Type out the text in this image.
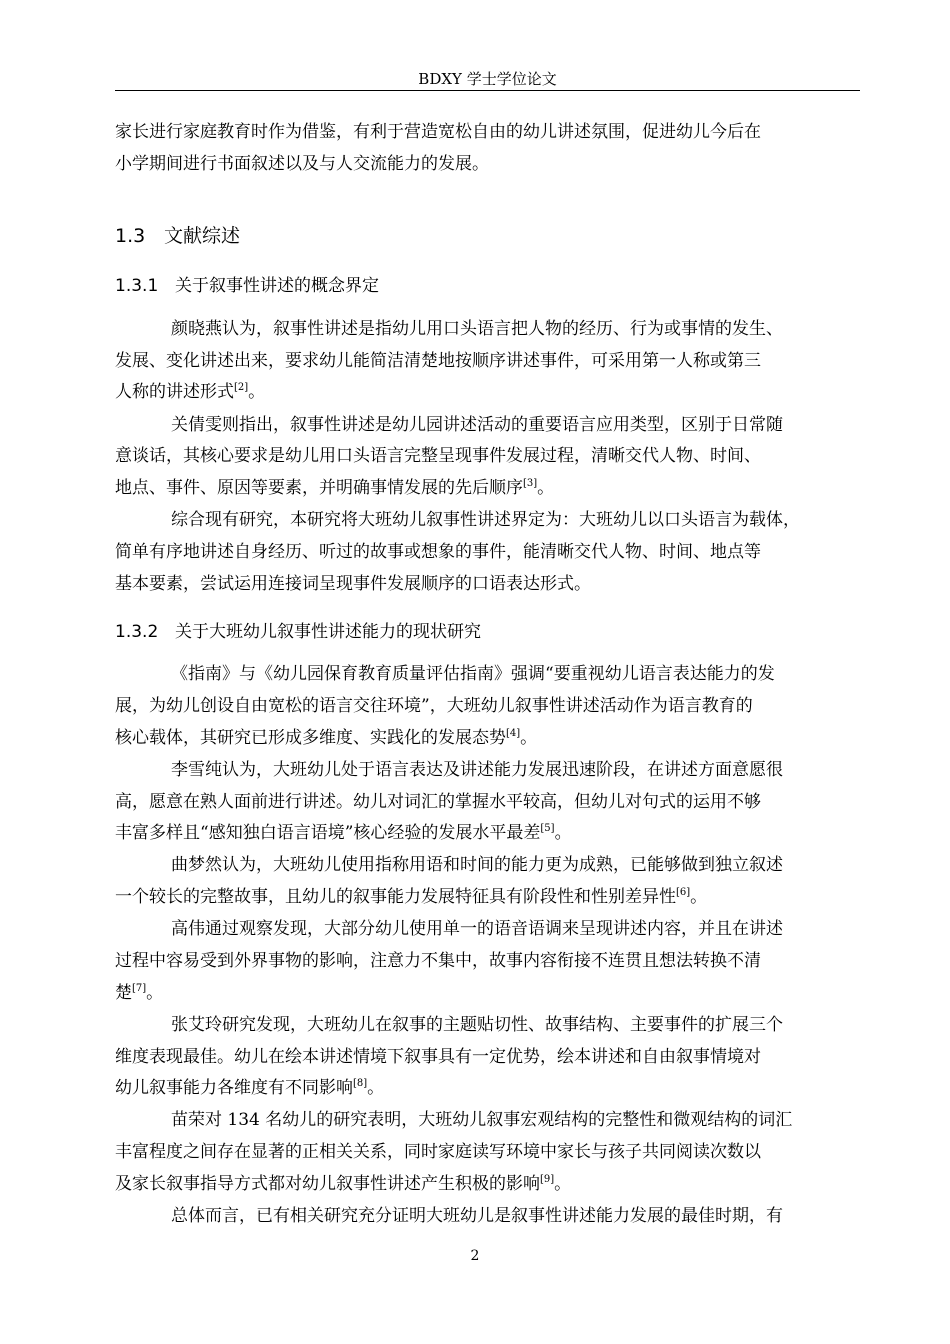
BDXY 学士学位论文
1.3 文献综述
1.3.1 关于叙事性讲述的概念界定
1.3.2 关于大班幼儿叙事性讲述能力的现状研究
家长进行家庭教育时作为借鉴，有利于营造宽松自由的幼儿讲述氛围，促进幼儿今后在
小学期间进行书面叙述以及与人交流能力的发展。
颜晓燕认为，叙事性讲述是指幼儿用口头语言把人物的经历、行为或事情的发生、
发展、变化讲述出来，要求幼儿能简洁清楚地按顺序讲述事件，可采用第一人称或第三
人称的讲述形式[2]。
关倩雯则指出，叙事性讲述是幼儿园讲述活动的重要语言应用类型，区别于日常随
意谈话，其核心要求是幼儿用口头语言完整呈现事件发展过程，清晰交代人物、时间、
地点、事件、原因等要素，并明确事情发展的先后顺序[3]。
综合现有研究，本研究将大班幼儿叙事性讲述界定为：大班幼儿以口头语言为载体，
简单有序地讲述自身经历、听过的故事或想象的事件，能清晰交代人物、时间、地点等
基本要素，尝试运用连接词呈现事件发展顺序的口语表达形式。
《指南》与《幼儿园保育教育质量评估指南》强调“要重视幼儿语言表达能力的发
展，为幼儿创设自由宽松的语言交往环境”，大班幼儿叙事性讲述活动作为语言教育的
核心载体，其研究已形成多维度、实践化的发展态势[4]。
李雪纯认为，大班幼儿处于语言表达及讲述能力发展迅速阶段，在讲述方面意愿很
高，愿意在熟人面前进行讲述。幼儿对词汇的掌握水平较高，但幼儿对句式的运用不够
丰富多样且“感知独白语言语境”核心经验的发展水平最差[5]。
曲梦然认为，大班幼儿使用指称用语和时间的能力更为成熟，已能够做到独立叙述
一个较长的完整故事，且幼儿的叙事能力发展特征具有阶段性和性别差异性[6]。
高伟通过观察发现，大部分幼儿使用单一的语音语调来呈现讲述内容，并且在讲述
过程中容易受到外界事物的影响，注意力不集中，故事内容衔接不连贯且想法转换不清
楚[7]。
张艾玲研究发现，大班幼儿在叙事的主题贴切性、故事结构、主要事件的扩展三个
维度表现最佳。幼儿在绘本讲述情境下叙事具有一定优势，绘本讲述和自由叙事情境对
幼儿叙事能力各维度有不同影响[8]。
苗荣对 134 名幼儿的研究表明，大班幼儿叙事宏观结构的完整性和微观结构的词汇
丰富程度之间存在显著的正相关关系，同时家庭读写环境中家长与孩子共同阅读次数以
及家长叙事指导方式都对幼儿叙事性讲述产生积极的影响[9]。
总体而言，已有相关研究充分证明大班幼儿是叙事性讲述能力发展的最佳时期，有
2
